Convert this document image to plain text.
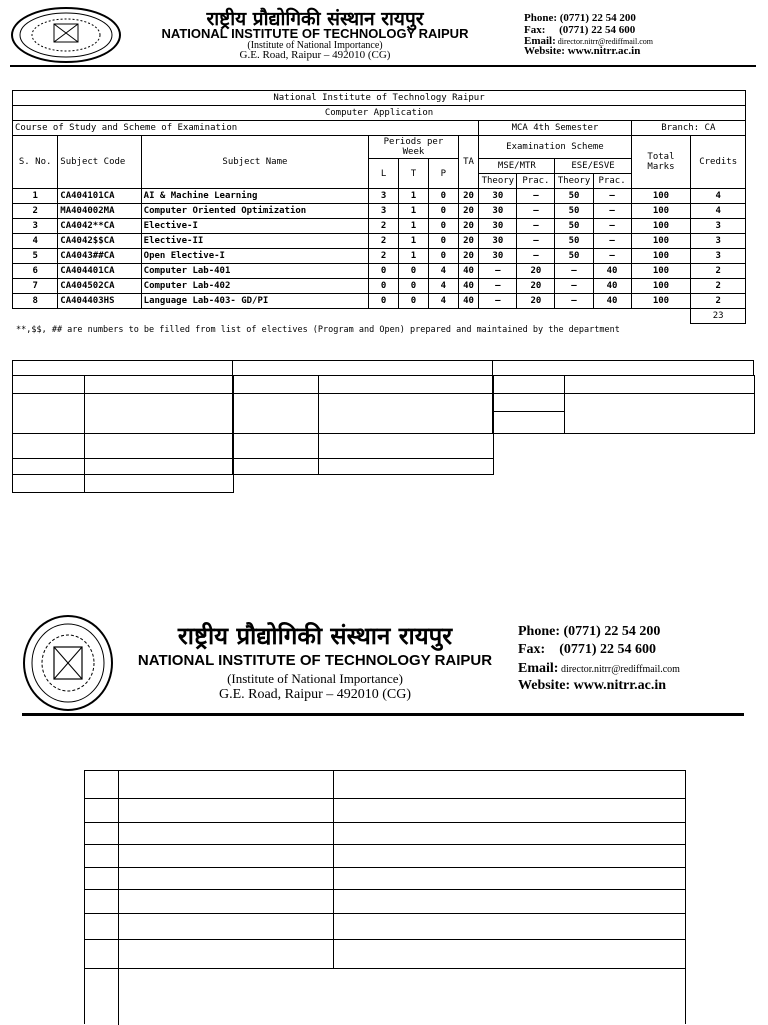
राष्ट्रीय प्रौद्योगिकी संस्थान रायपुर
NATIONAL INSTITUTE OF TECHNOLOGY RAIPUR
(Institute of National Importance)
G.E. Road, Raipur – 492010 (CG)
Phone: (0771) 22 54 200
Fax: (0771) 22 54 600
Email: director.nitrr@rediffmail.com
Website: www.nitrr.ac.in
National Institute of Technology Raipur												
Computer Application												
Course of Study and Scheme of Examination							MCA 4th Semester				Branch: CA	
S. No.	Subject Code	Subject Name	Periods per Week			TA	Examination Scheme				Total Marks	Credits
			L	T	P		MSE/MTR		ESE/ESVE			
							Theory	Prac.	Theory	Prac.		
1	CA404101CA	AI & Machine Learning	3	1	0	20	30	–	50	–	100	4
2	MA404002MA	Computer Oriented Optimization	3	1	0	20	30	–	50	–	100	4
3	CA4042**CA	Elective-I	2	1	0	20	30	–	50	–	100	3
4	CA4042$$CA	Elective-II	2	1	0	20	30	–	50	–	100	3
5	CA4043##CA	Open Elective-I	2	1	0	20	30	–	50	–	100	3
6	CA404401CA	Computer Lab-401	0	0	4	40	–	20	–	40	100	2
7	CA404502CA	Computer Lab-402	0	0	4	40	–	20	–	40	100	2
8	CA404403HS	Language Lab-403- GD/PI	0	0	4	40	–	20	–	40	100	2
												23
**,$$, ## are numbers to be filled from list of electives (Program and Open) prepared and maintained by the department
राष्ट्रीय प्रौद्योगिकी संस्थान रायपुर
NATIONAL INSTITUTE OF TECHNOLOGY RAIPUR
(Institute of National Importance)
G.E. Road, Raipur – 492010 (CG)
Phone: (0771) 22 54 200
Fax: (0771) 22 54 600
Email: director.nitrr@rediffmail.com
Website: www.nitrr.ac.in
